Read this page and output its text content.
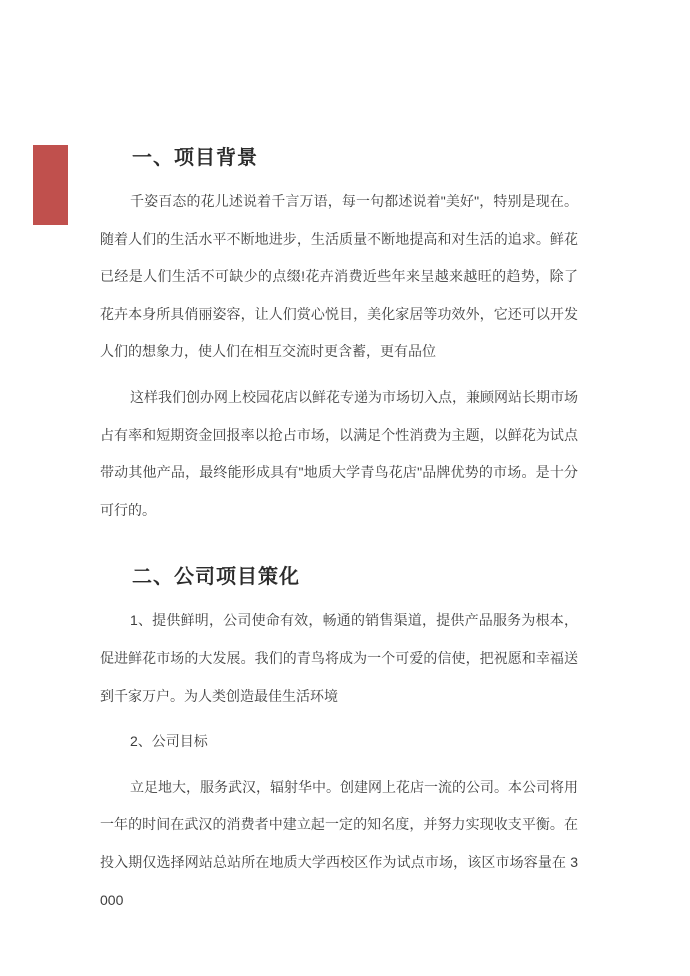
一、项目背景

千姿百态的花儿述说着千言万语，每一句都述说着"美好"，特别是现在。随着人们的生活水平不断地进步，生活质量不断地提高和对生活的追求。鲜花已经是人们生活不可缺少的点缀!花卉消费近些年来呈越来越旺的趋势，除了花卉本身所具俏丽姿容，让人们赏心悦目，美化家居等功效外，它还可以开发人们的想象力，使人们在相互交流时更含蓄，更有品位

这样我们创办网上校园花店以鲜花专递为市场切入点，兼顾网站长期市场占有率和短期资金回报率以抢占市场，以满足个性消费为主题，以鲜花为试点带动其他产品，最终能形成具有"地质大学青鸟花店"品牌优势的市场。是十分可行的。

二、公司项目策化

1、提供鲜明，公司使命有效，畅通的销售渠道，提供产品服务为根本，促进鲜花市场的大发展。我们的青鸟将成为一个可爱的信使，把祝愿和幸福送到千家万户。为人类创造最佳生活环境

2、公司目标

立足地大，服务武汉，辐射华中。创建网上花店一流的公司。本公司将用一年的时间在武汉的消费者中建立起一定的知名度，并努力实现收支平衡。在投入期仅选择网站总站所在地质大学西校区作为试点市场，该区市场容量在 3000
